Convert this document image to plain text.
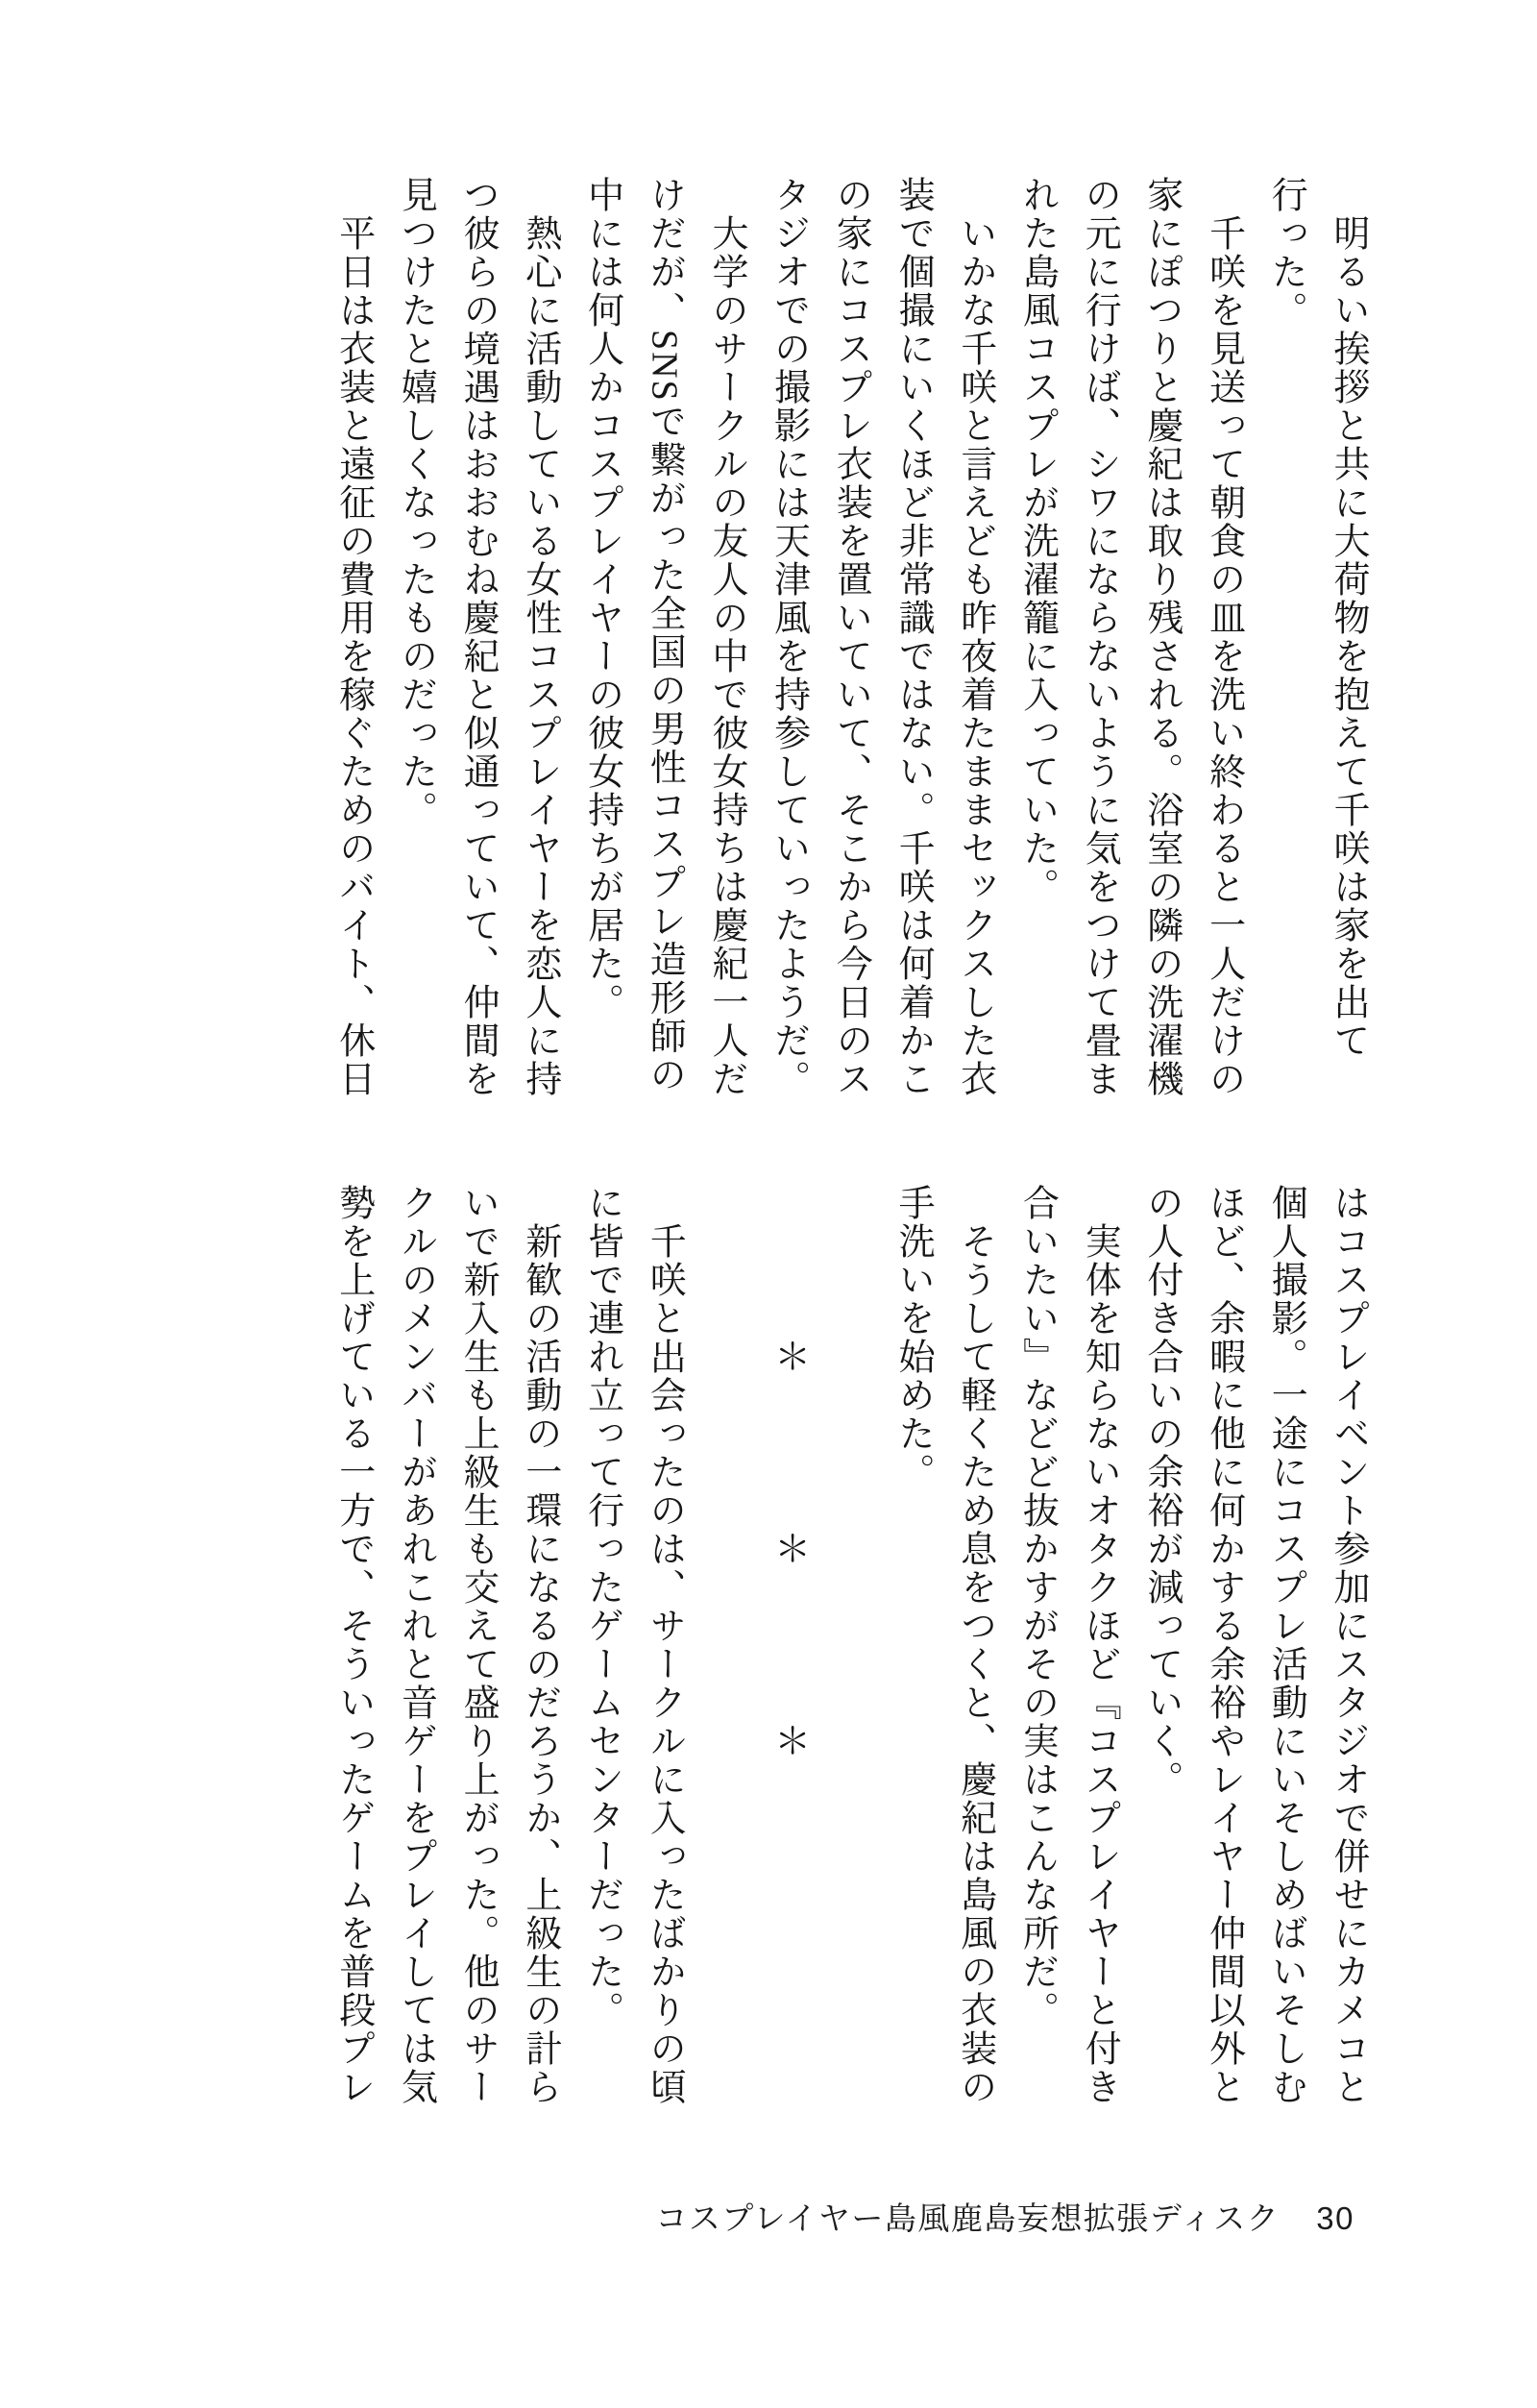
　明るい挨拶と共に大荷物を抱えて千咲は家を出て

行った。

　千咲を見送って朝食の皿を洗い終わると一人だけの

家にぽつりと慶紀は取り残される。浴室の隣の洗濯機

の元に行けば、シワにならないように気をつけて畳ま

れた島風コスプレが洗濯籠に入っていた。

　いかな千咲と言えども昨夜着たままセックスした衣

装で個撮にいくほど非常識ではない。千咲は何着かこ

の家にコスプレ衣装を置いていて、そこから今日のス

タジオでの撮影には天津風を持参していったようだ。

　大学のサークルの友人の中で彼女持ちは慶紀一人だ

けだが、SNSで繋がった全国の男性コスプレ造形師の

中には何人かコスプレイヤーの彼女持ちが居た。

　熱心に活動している女性コスプレイヤーを恋人に持

つ彼らの境遇はおおむね慶紀と似通っていて、仲間を

見つけたと嬉しくなったものだった。

　平日は衣装と遠征の費用を稼ぐためのバイト、休日

はコスプレイベント参加にスタジオで併せにカメコと

個人撮影。一途にコスプレ活動にいそしめばいそしむ

ほど、余暇に他に何かする余裕やレイヤー仲間以外と

の人付き合いの余裕が減っていく。

　実体を知らないオタクほど『コスプレイヤーと付き

合いたい』などど抜かすがその実はこんな所だ。

　そうして軽くため息をつくと、慶紀は島風の衣装の

手洗いを始めた。

　　　　＊　　　　＊　　　　＊

　千咲と出会ったのは、サークルに入ったばかりの頃

に皆で連れ立って行ったゲームセンターだった。

　新歓の活動の一環になるのだろうか、上級生の計ら

いで新入生も上級生も交えて盛り上がった。他のサー

クルのメンバーがあれこれと音ゲーをプレイしては気

勢を上げている一方で、そういったゲームを普段プレ

コスプレイヤー島風鹿島妄想拡張ディスク 30
